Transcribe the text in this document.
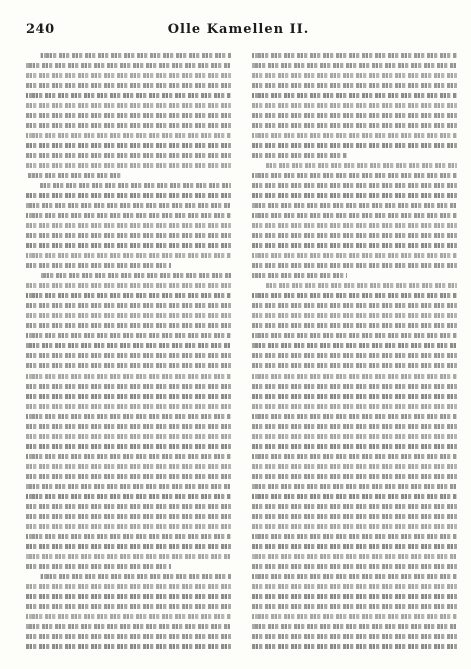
240	Olle Kamellen II.
